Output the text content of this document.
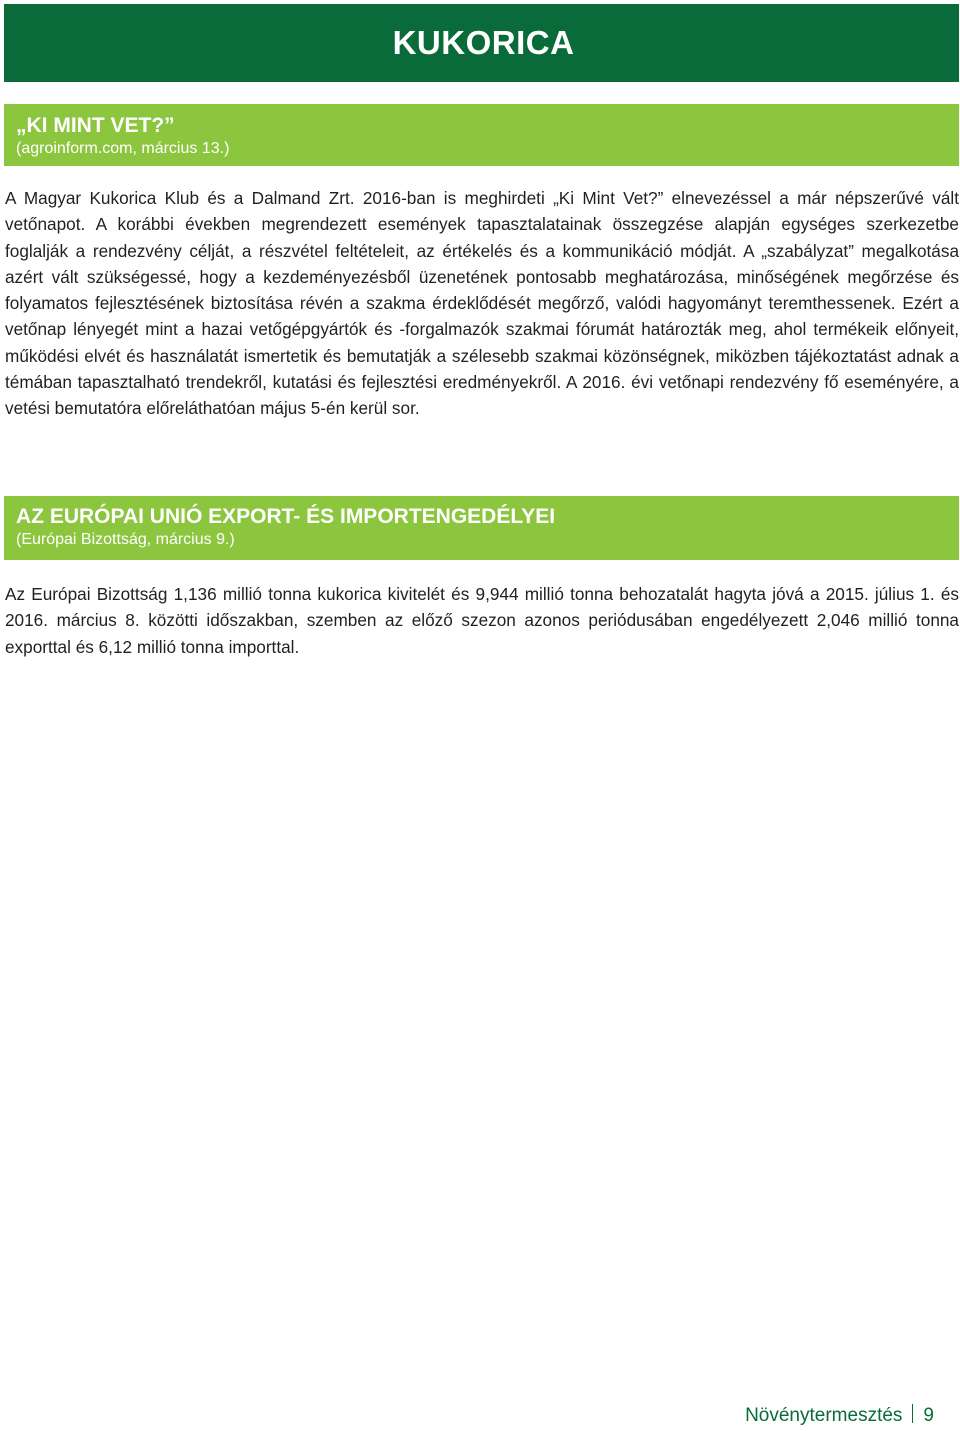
KUKORICA
„KI MINT VET?”
(agroinform.com, március 13.)

A Magyar Kukorica Klub és a Dalmand Zrt. 2016-ban is meghirdeti „Ki Mint Vet?” elnevezéssel a már népszerűvé vált vetőnapot. A korábbi években megrendezett események tapasztalatainak összegzése alapján egységes szerkezetbe foglalják a rendezvény célját, a részvétel feltételeit, az értékelés és a kommunikáció módját. A „szabályzat” megalkotása azért vált szükségessé, hogy a kezdeményezésből üzenetének pontosabb meghatározása, minőségének megőrzése és folyamatos fejlesztésének biztosítása révén a szakma érdeklődését megőrző, valódi hagyományt teremthessenek. Ezért a vetőnap lényegét mint a hazai vetőgépgyártók és -forgalmazók szakmai fórumát határozták meg, ahol termékeik előnyeit, működési elvét és használatát ismertetik és bemutatják a szélesebb szakmai közönségnek, miközben tájékoztatást adnak a témában tapasztalható trendekről, kutatási és fejlesztési eredményekről. A 2016. évi vetőnapi rendezvény fő eseményére, a vetési bemutatóra előreláthatóan május 5-én kerül sor.

AZ EURÓPAI UNIÓ EXPORT- ÉS IMPORTENGEDÉLYEI
(Európai Bizottság, március 9.)

Az Európai Bizottság 1,136 millió tonna kukorica kivitelét és 9,944 millió tonna behozatalát hagyta jóvá a 2015. július 1. és 2016. március 8. közötti időszakban, szemben az előző szezon azonos periódusában engedélyezett 2,046 millió tonna exporttal és 6,12 millió tonna importtal.

Növénytermesztés 9
